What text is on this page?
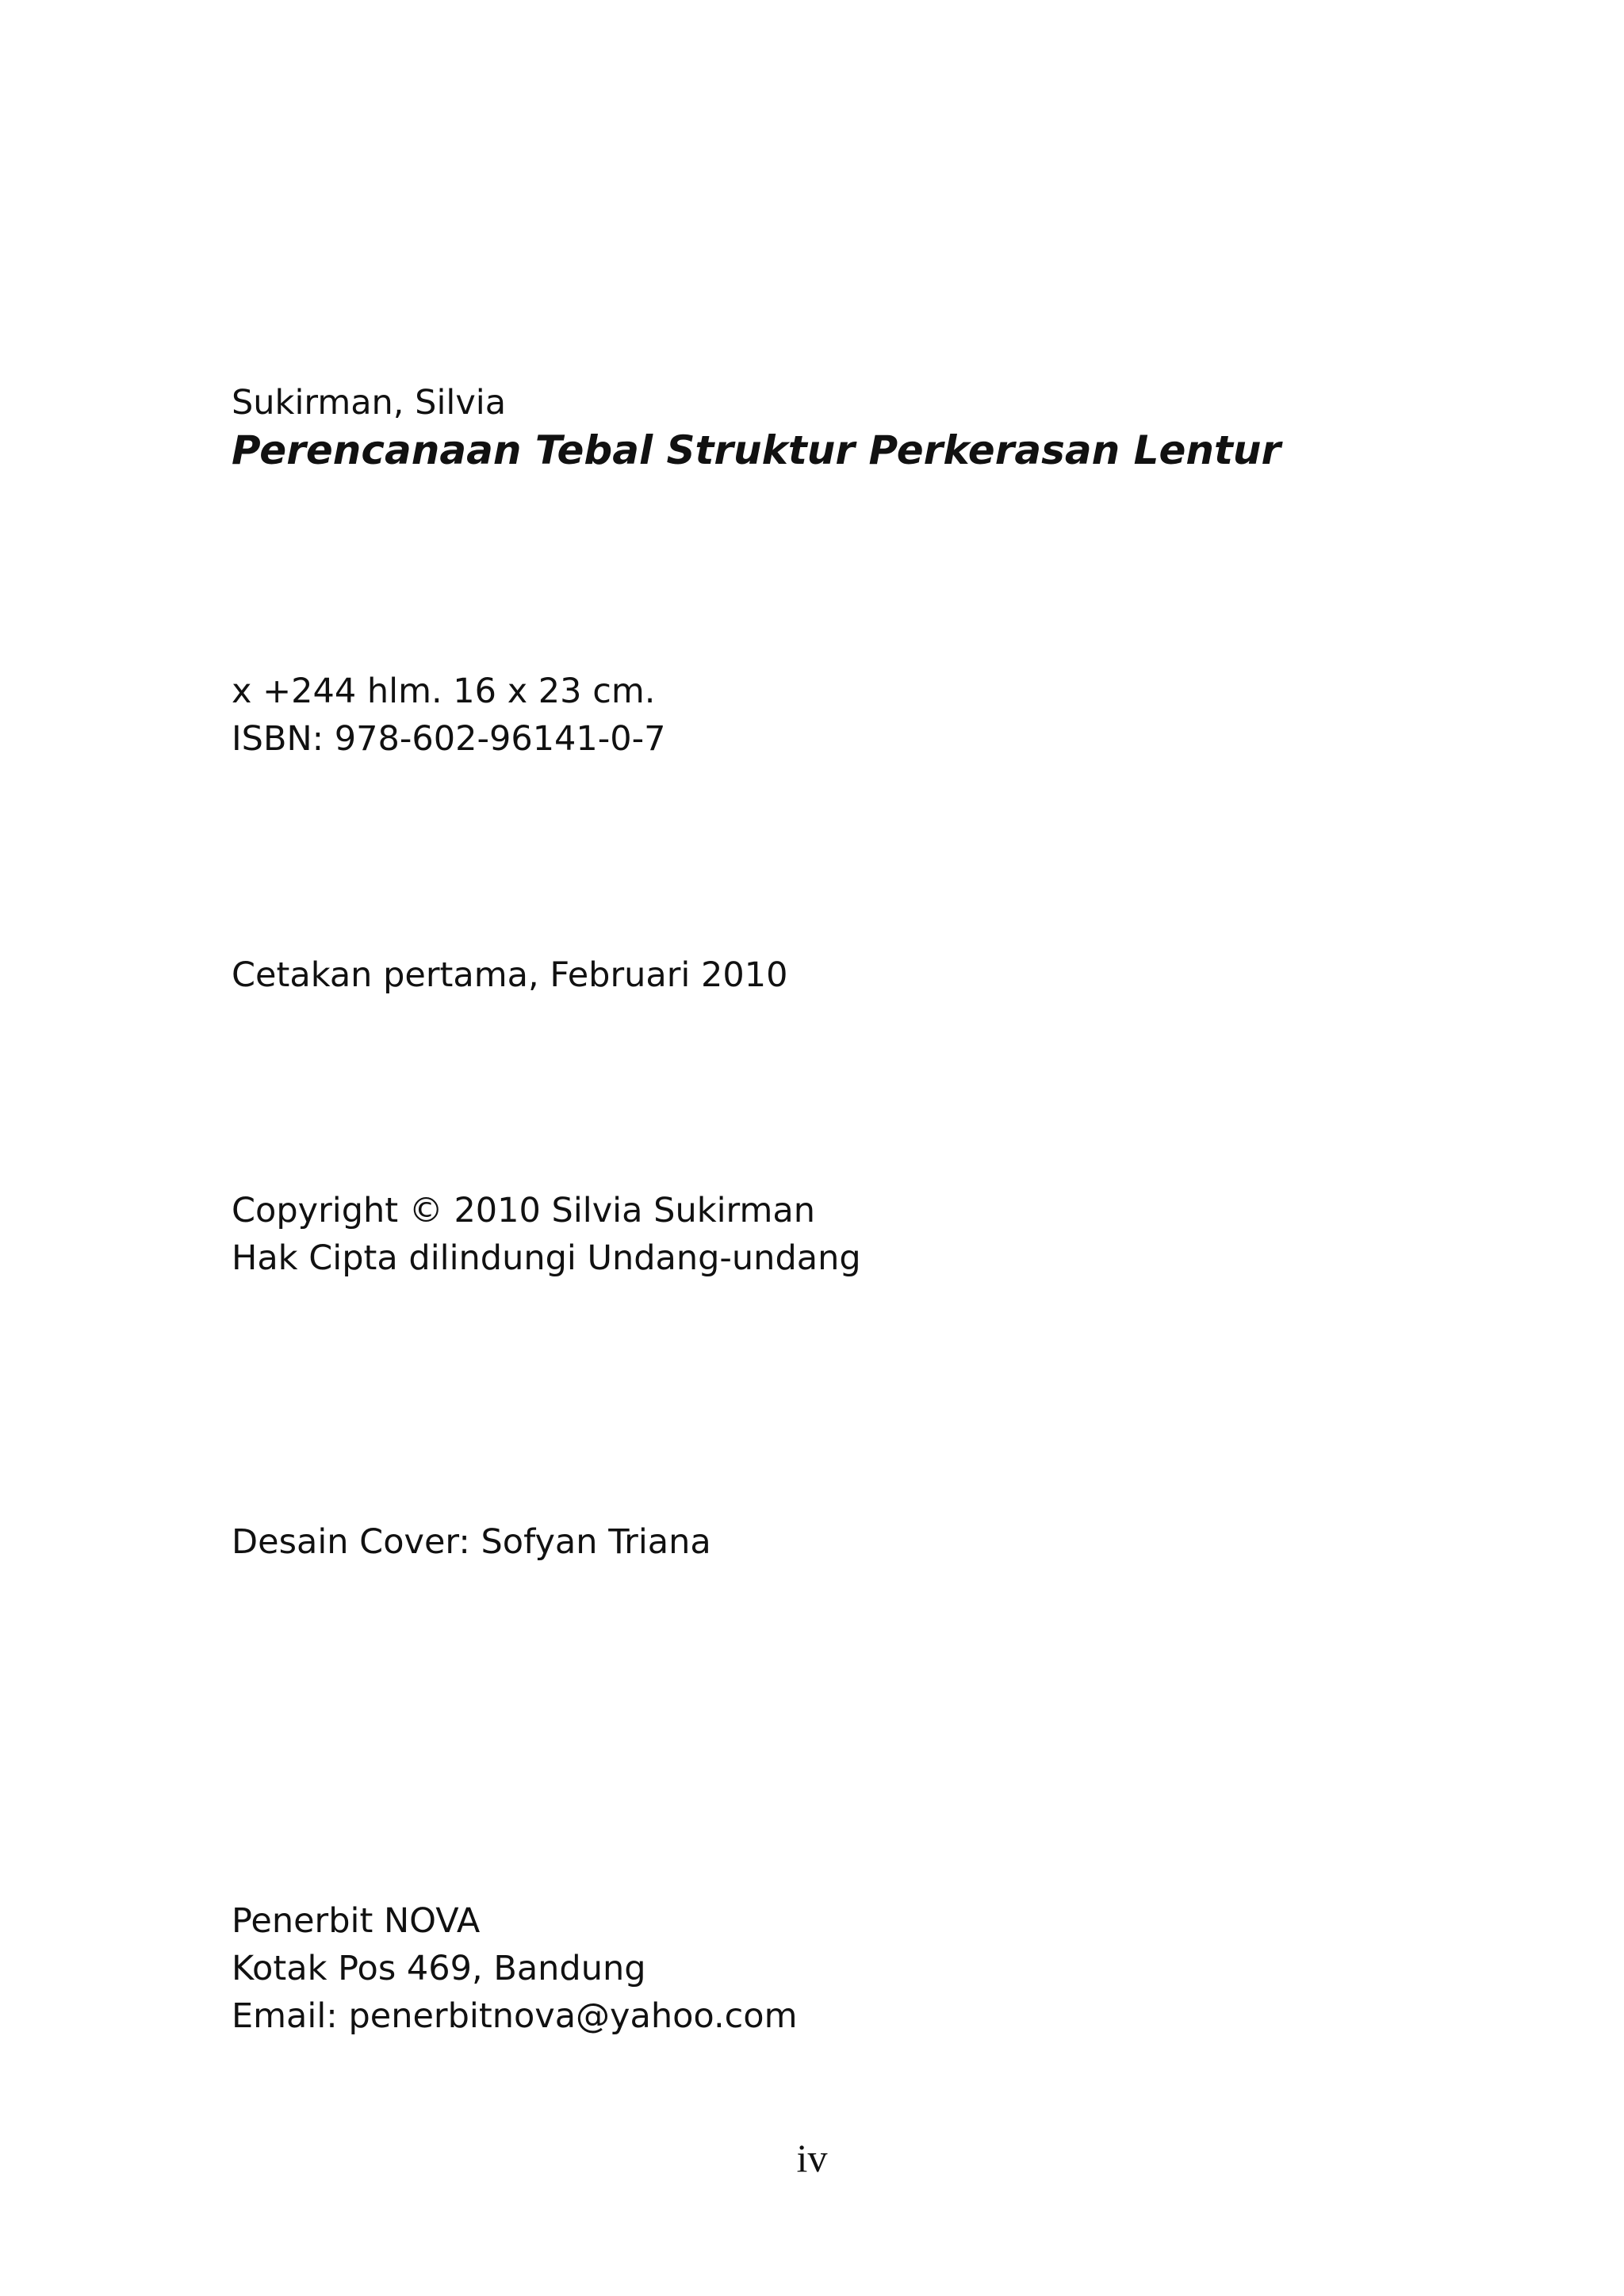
Sukirman, Silvia

Perencanaan Tebal Struktur Perkerasan Lentur

x +244 hlm. 16 x 23 cm.

ISBN: 978-602-96141-0-7

Cetakan pertama, Februari 2010

Copyright © 2010 Silvia Sukirman

Hak Cipta dilindungi Undang-undang

Desain Cover: Sofyan Triana

Penerbit NOVA

Kotak Pos 469, Bandung

Email: penerbitnova@yahoo.com

iv
